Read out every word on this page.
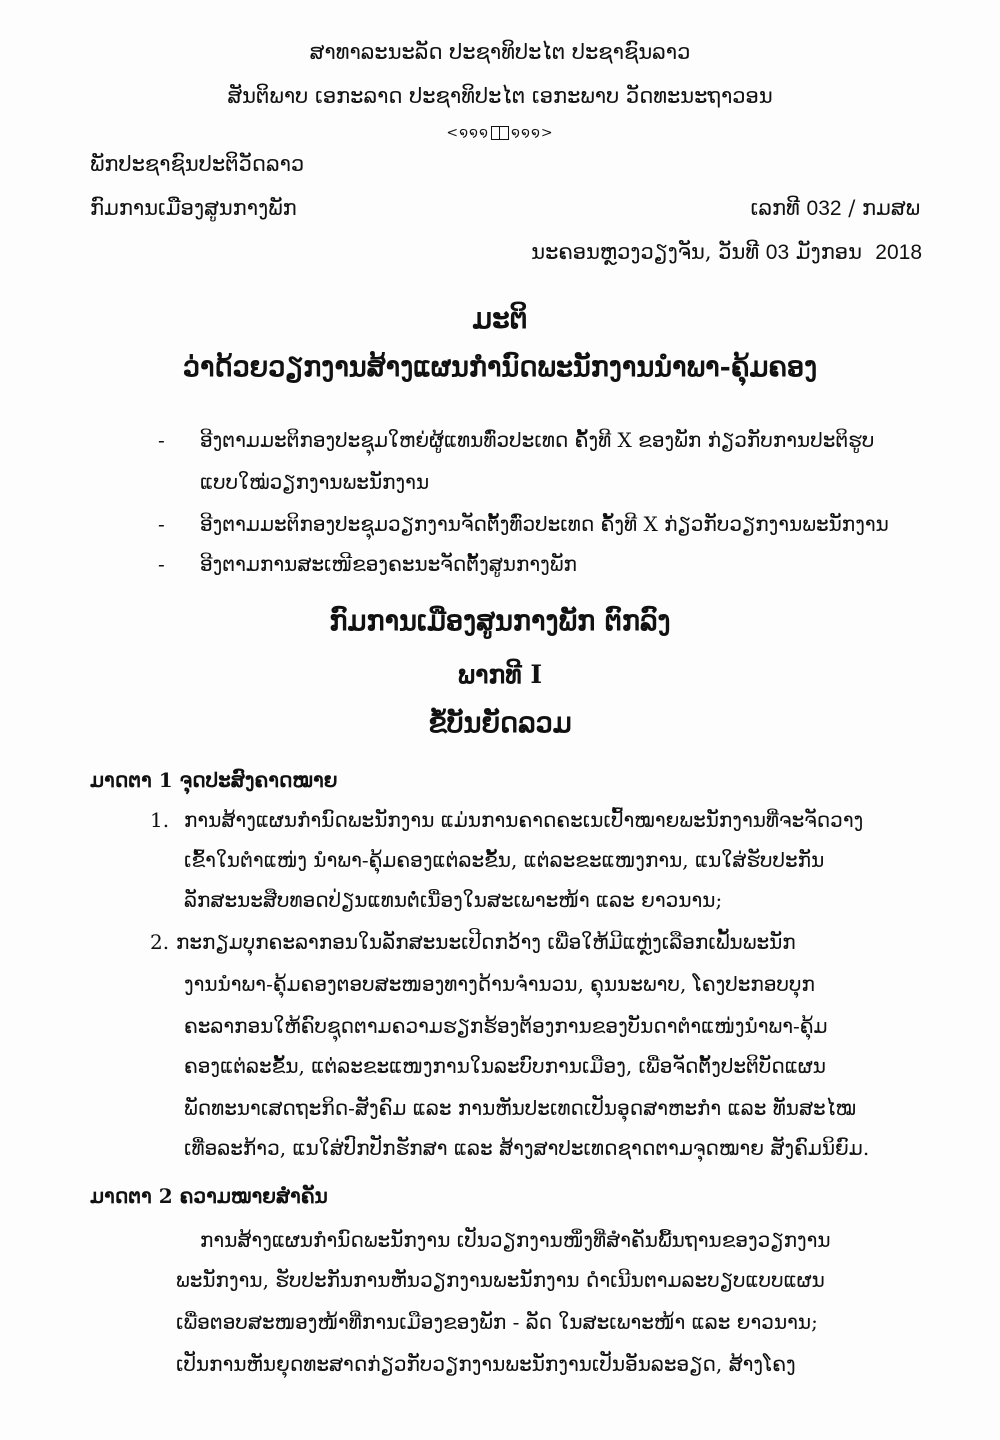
ສາທາລະນະລັດ ປະຊາທິປະໄຕ ປະຊາຊົນລາວ
ສັນຕິພາບ ເອກະລາດ ປະຊາທິປະໄຕ ເອກະພາບ ວັດທະນະຖາວອນ
<໑໑໑ ໑໑໑>
ພັກປະຊາຊົນປະຕິວັດລາວ
ກົມການເມືອງສູນກາງພັກ	ເລກທີ 032 / ກມສພ
ນະຄອນຫຼວງວຽງຈັນ, ວັນທີ 03 ມັງກອນ 2018
ມະຕິ
ວ່າດ້ວຍວຽກງານສ້າງແຜນກຳນົດພະນັກງານນຳພາ-ຄຸ້ມຄອງ
- ອີງຕາມມະຕິກອງປະຊຸມໃຫຍ່ຜູ້ແທນທົ່ວປະເທດ ຄັ້ງທີ X ຂອງພັກ ກ່ຽວກັບການປະຕິຮູບ
ແບບໃໝ່ວຽກງານພະນັກງານ
- ອີງຕາມມະຕິກອງປະຊຸມວຽກງານຈັດຕັ້ງທົ່ວປະເທດ ຄັ້ງທີ X ກ່ຽວກັບວຽກງານພະນັກງານ
- ອີງຕາມການສະເໜີຂອງຄະນະຈັດຕັ້ງສູນກາງພັກ
ກົມການເມືອງສູນກາງພັກ ຕົກລົງ
ພາກທີ I
ຂໍ້ບັນຍັດລວມ
ມາດຕາ 1 ຈຸດປະສົງຄາດໝາຍ
1. ການສ້າງແຜນກຳນົດພະນັກງານ ແມ່ນການຄາດຄະເນເປົ້າໝາຍພະນັກງານທີ່ຈະຈັດວາງ
ເຂົ້າໃນຕຳແໜ່ງ ນຳພາ-ຄຸ້ມຄອງແຕ່ລະຂັ້ນ, ແຕ່ລະຂະແໜງການ, ແນໃສ່ຮັບປະກັນ
ລັກສະນະສືບທອດປ່ຽນແທນຕໍ່ເນື່ອງໃນສະເພາະໜ້າ ແລະ ຍາວນານ;
2. ກະກຽມບຸກຄະລາກອນໃນລັກສະນະເປີດກວ້າງ ເພື່ອໃຫ້ມີແຫຼ່ງເລືອກເຟັ້ນພະນັກ
ງານນຳພາ-ຄຸ້ມຄອງຕອບສະໜອງທາງດ້ານຈຳນວນ, ຄຸນນະພາບ, ໂຄງປະກອບບຸກ
ຄະລາກອນໃຫ້ຄົບຊຸດຕາມຄວາມຮຽກຮ້ອງຕ້ອງການຂອງບັນດາຕຳແໜ່ງນຳພາ-ຄຸ້ມ
ຄອງແຕ່ລະຂັ້ນ, ແຕ່ລະຂະແໜງການໃນລະບົບການເມືອງ, ເພື່ອຈັດຕັ້ງປະຕິບັດແຜນ
ພັດທະນາເສດຖະກິດ-ສັງຄົມ ແລະ ການຫັນປະເທດເປັນອຸດສາຫະກຳ ແລະ ທັນສະໄໝ
ເທື່ອລະກ້າວ, ແນໃສ່ປົກປັກຮັກສາ ແລະ ສ້າງສາປະເທດຊາດຕາມຈຸດໝາຍ ສັງຄົມນິຍົມ.
ມາດຕາ 2 ຄວາມໝາຍສຳຄັນ
ການສ້າງແຜນກຳນົດພະນັກງານ ເປັນວຽກງານໜຶ່ງທີ່ສຳຄັນພື້ນຖານຂອງວຽກງານ
ພະນັກງານ, ຮັບປະກັນການຫັນວຽກງານພະນັກງານ ດຳເນີນຕາມລະບຽບແບບແຜນ
ເພື່ອຕອບສະໜອງໜ້າທີ່ການເມືອງຂອງພັກ - ລັດ ໃນສະເພາະໜ້າ ແລະ ຍາວນານ;
ເປັນການຫັນຍຸດທະສາດກ່ຽວກັບວຽກງານພະນັກງານເປັນອັນລະອຽດ, ສ້າງໂຄງ
